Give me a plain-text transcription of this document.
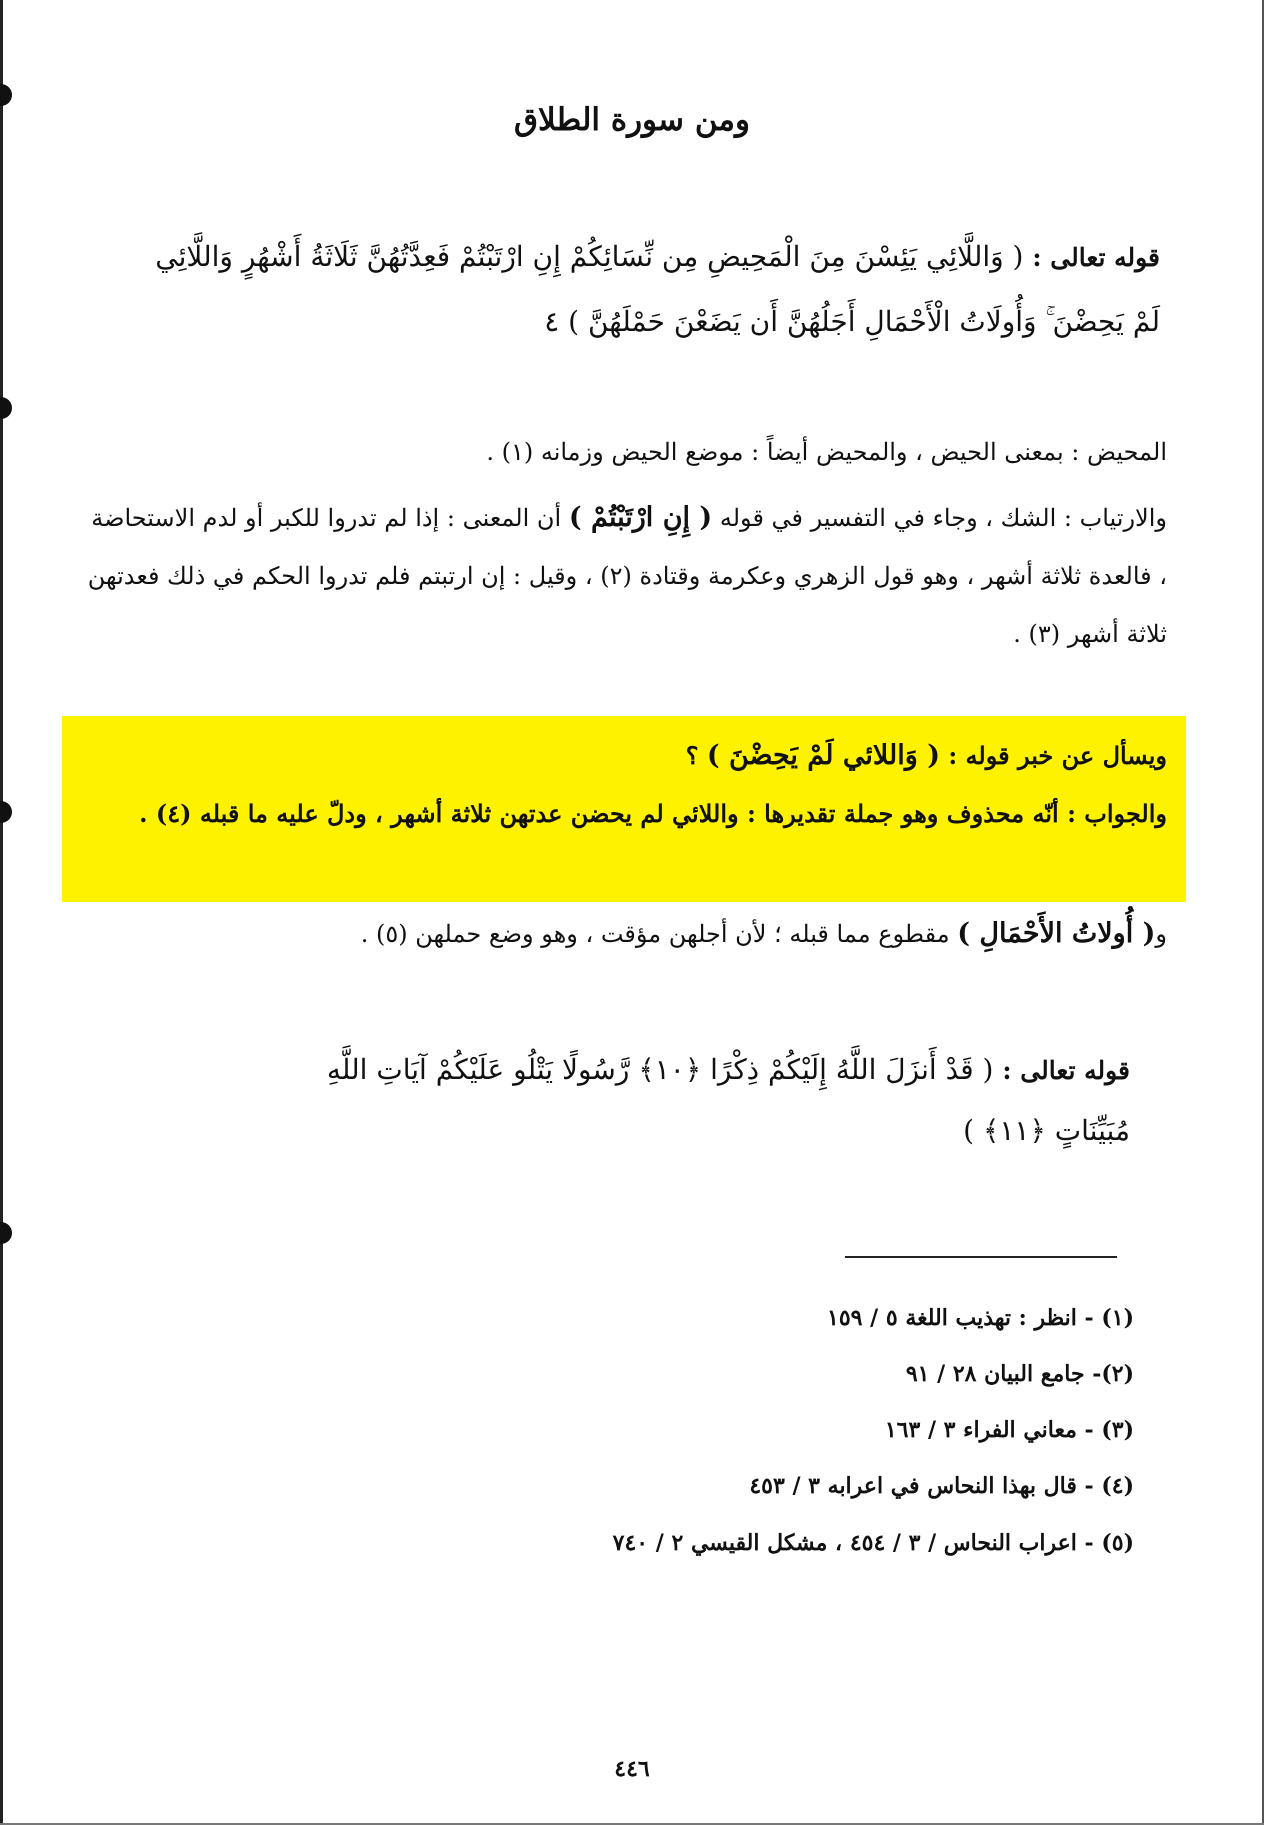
ومن سورة الطلاق
قوله تعالى : ( وَاللَّائِي يَئِسْنَ مِنَ الْمَحِيضِ مِن نِّسَائِكُمْ إِنِ ارْتَبْتُمْ فَعِدَّتُهُنَّ ثَلَاثَةُ أَشْهُرٍ وَاللَّائِي لَمْ يَحِضْنَ ۚ وَأُولَاتُ الْأَحْمَالِ أَجَلُهُنَّ أَن يَضَعْنَ حَمْلَهُنَّ ) ٤
المحيض : بمعنى الحيض ، والمحيض أيضاً : موضع الحيض وزمانه (١) .
والارتياب : الشك ، وجاء في التفسير في قوله ( إِنِ ارْتَبْتُمْ ) أن المعنى : إذا لم تدروا للكبر أو لدم الاستحاضة ، فالعدة ثلاثة أشهر ، وهو قول الزهري وعكرمة وقتادة (٢) ، وقيل : إن ارتبتم فلم تدروا الحكم في ذلك فعدتهن ثلاثة أشهر (٣) .
ويسأل عن خبر قوله : ( وَاللائي لَمْ يَحِضْنَ ) ؟
والجواب : أنّه محذوف وهو جملة تقديرها : واللائي لم يحضن عدتهن ثلاثة أشهر ، ودلّ عليه ما قبله (٤) .
و( أُولاتُ الأَحْمَالِ ) مقطوع مما قبله ؛ لأن أجلهن مؤقت ، وهو وضع حملهن (٥) .
قوله تعالى : ( قَدْ أَنزَلَ اللَّهُ إِلَيْكُمْ ذِكْرًا ﴿١٠﴾ رَّسُولًا يَتْلُو عَلَيْكُمْ آيَاتِ اللَّهِ مُبَيِّنَاتٍ ﴿١١﴾ )
(١) - انظر : تهذيب اللغة ٥ / ١٥٩
(٢)- جامع البيان ٢٨ / ٩١
(٣) - معاني الفراء ٣ / ١٦٣
(٤) - قال بهذا النحاس في اعرابه ٣ / ٤٥٣
(٥) - اعراب النحاس / ٣ / ٤٥٤ ، مشكل القيسي ٢ / ٧٤٠
٤٤٦
